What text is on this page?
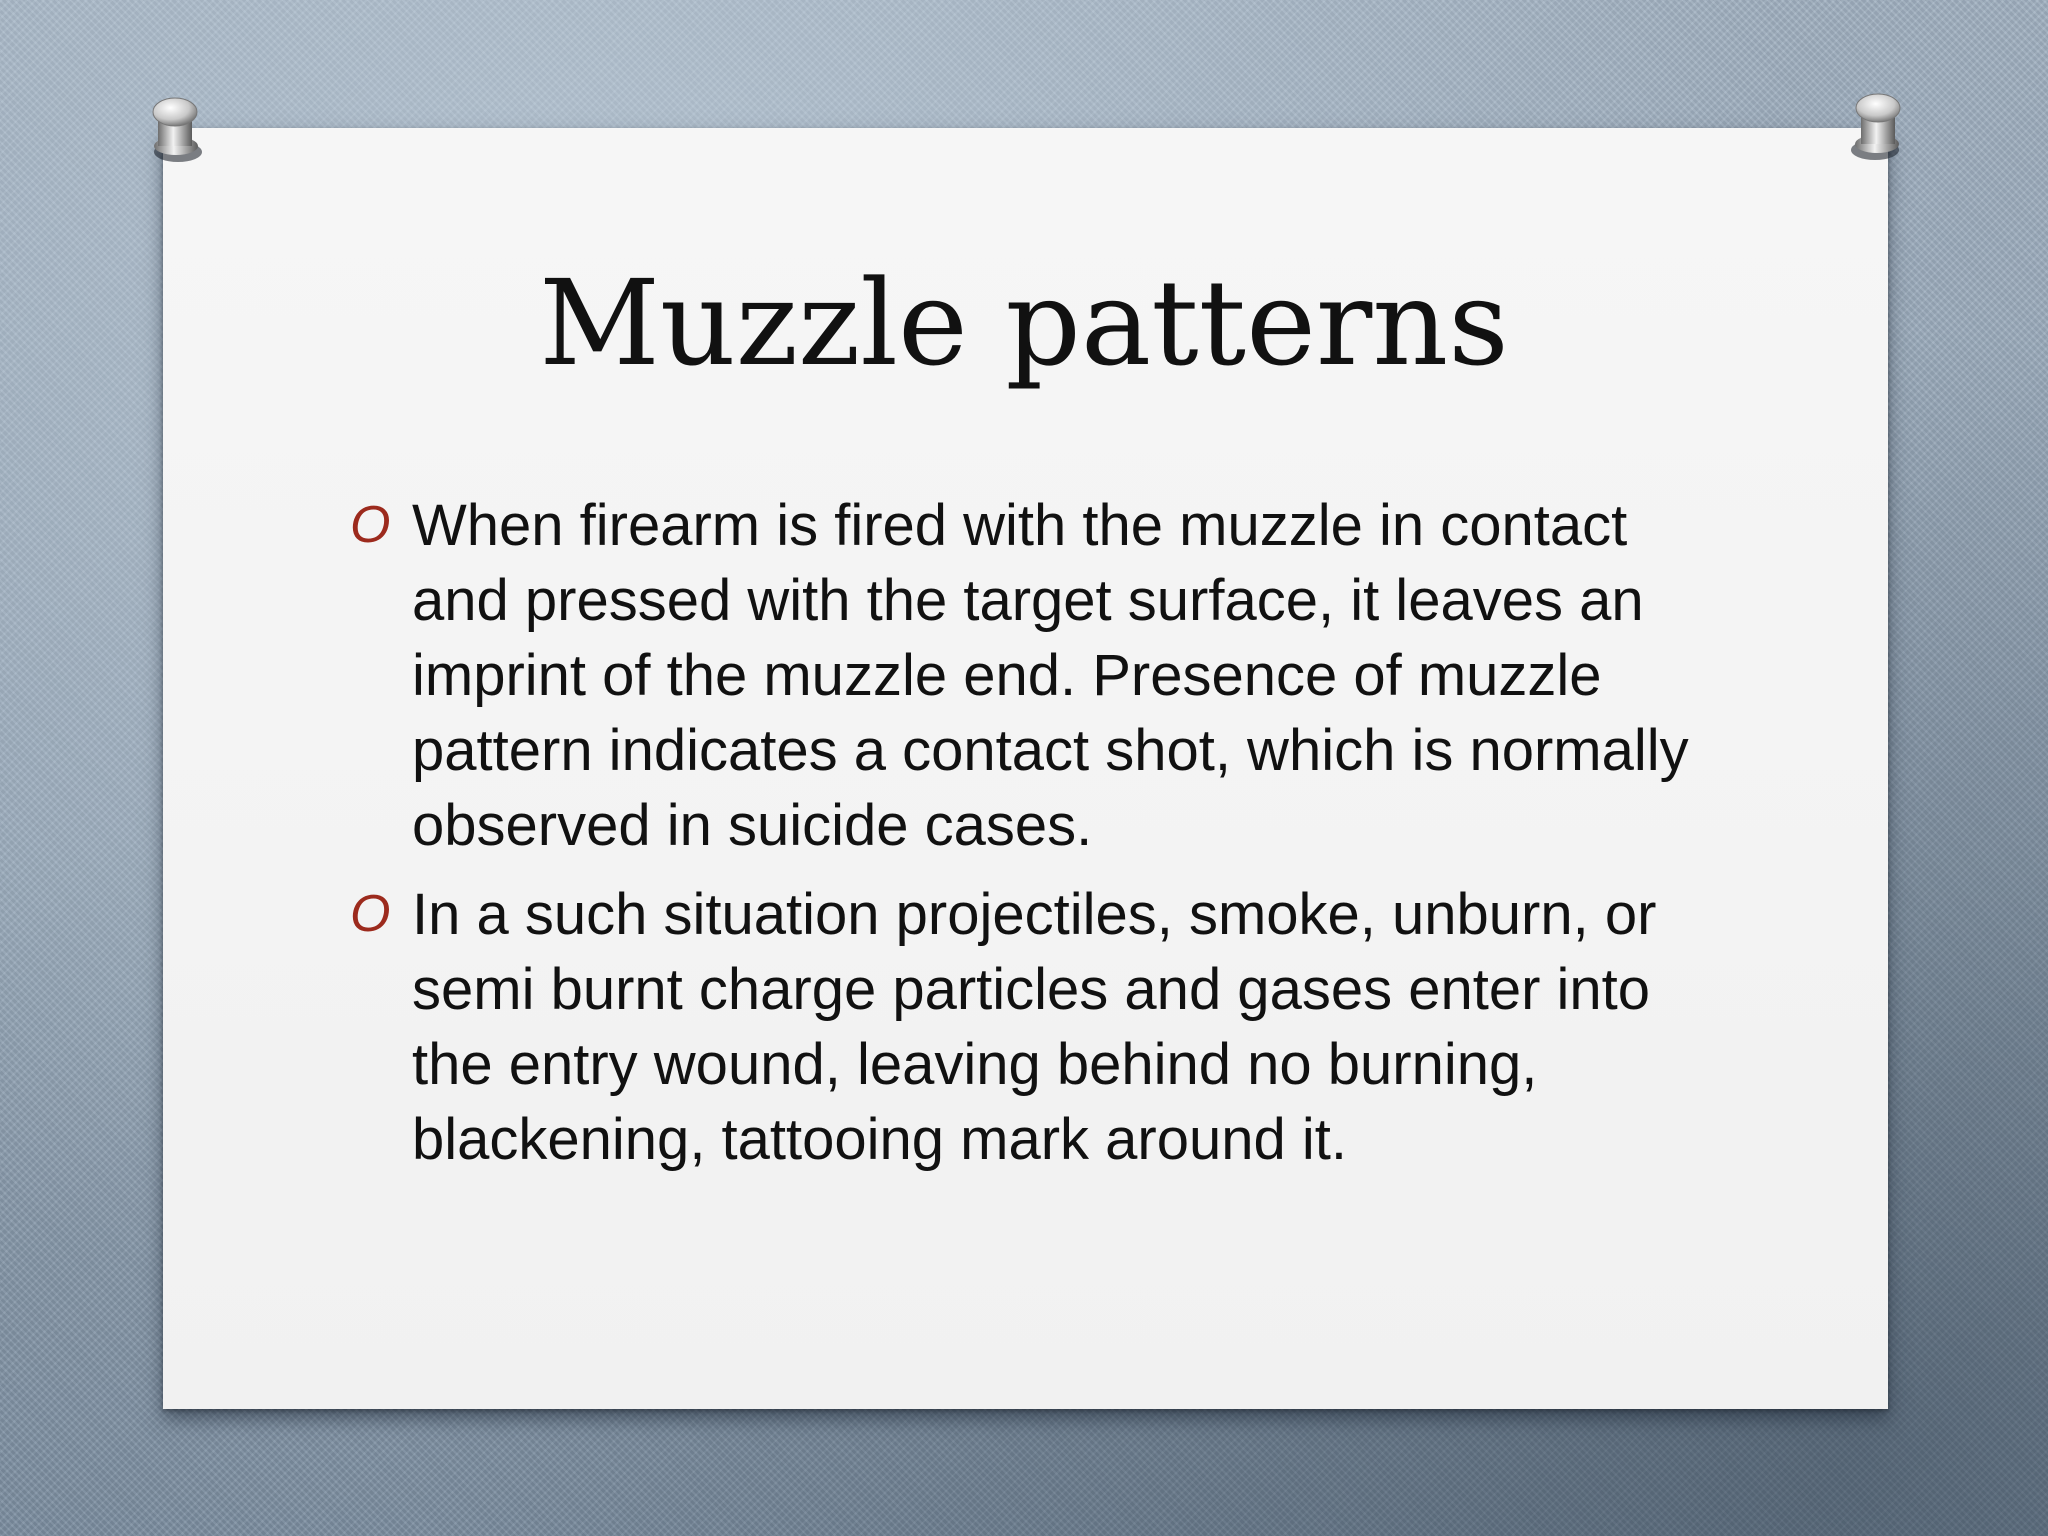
Muzzle patterns
O When firearm is fired with the muzzle in contact and pressed with the target surface, it leaves an imprint of the muzzle end. Presence of muzzle pattern indicates a contact shot, which is normally observed in suicide cases.
O In a such situation projectiles, smoke, unburn, or semi burnt charge particles and gases enter into the entry wound, leaving behind no burning, blackening, tattooing mark around it.
